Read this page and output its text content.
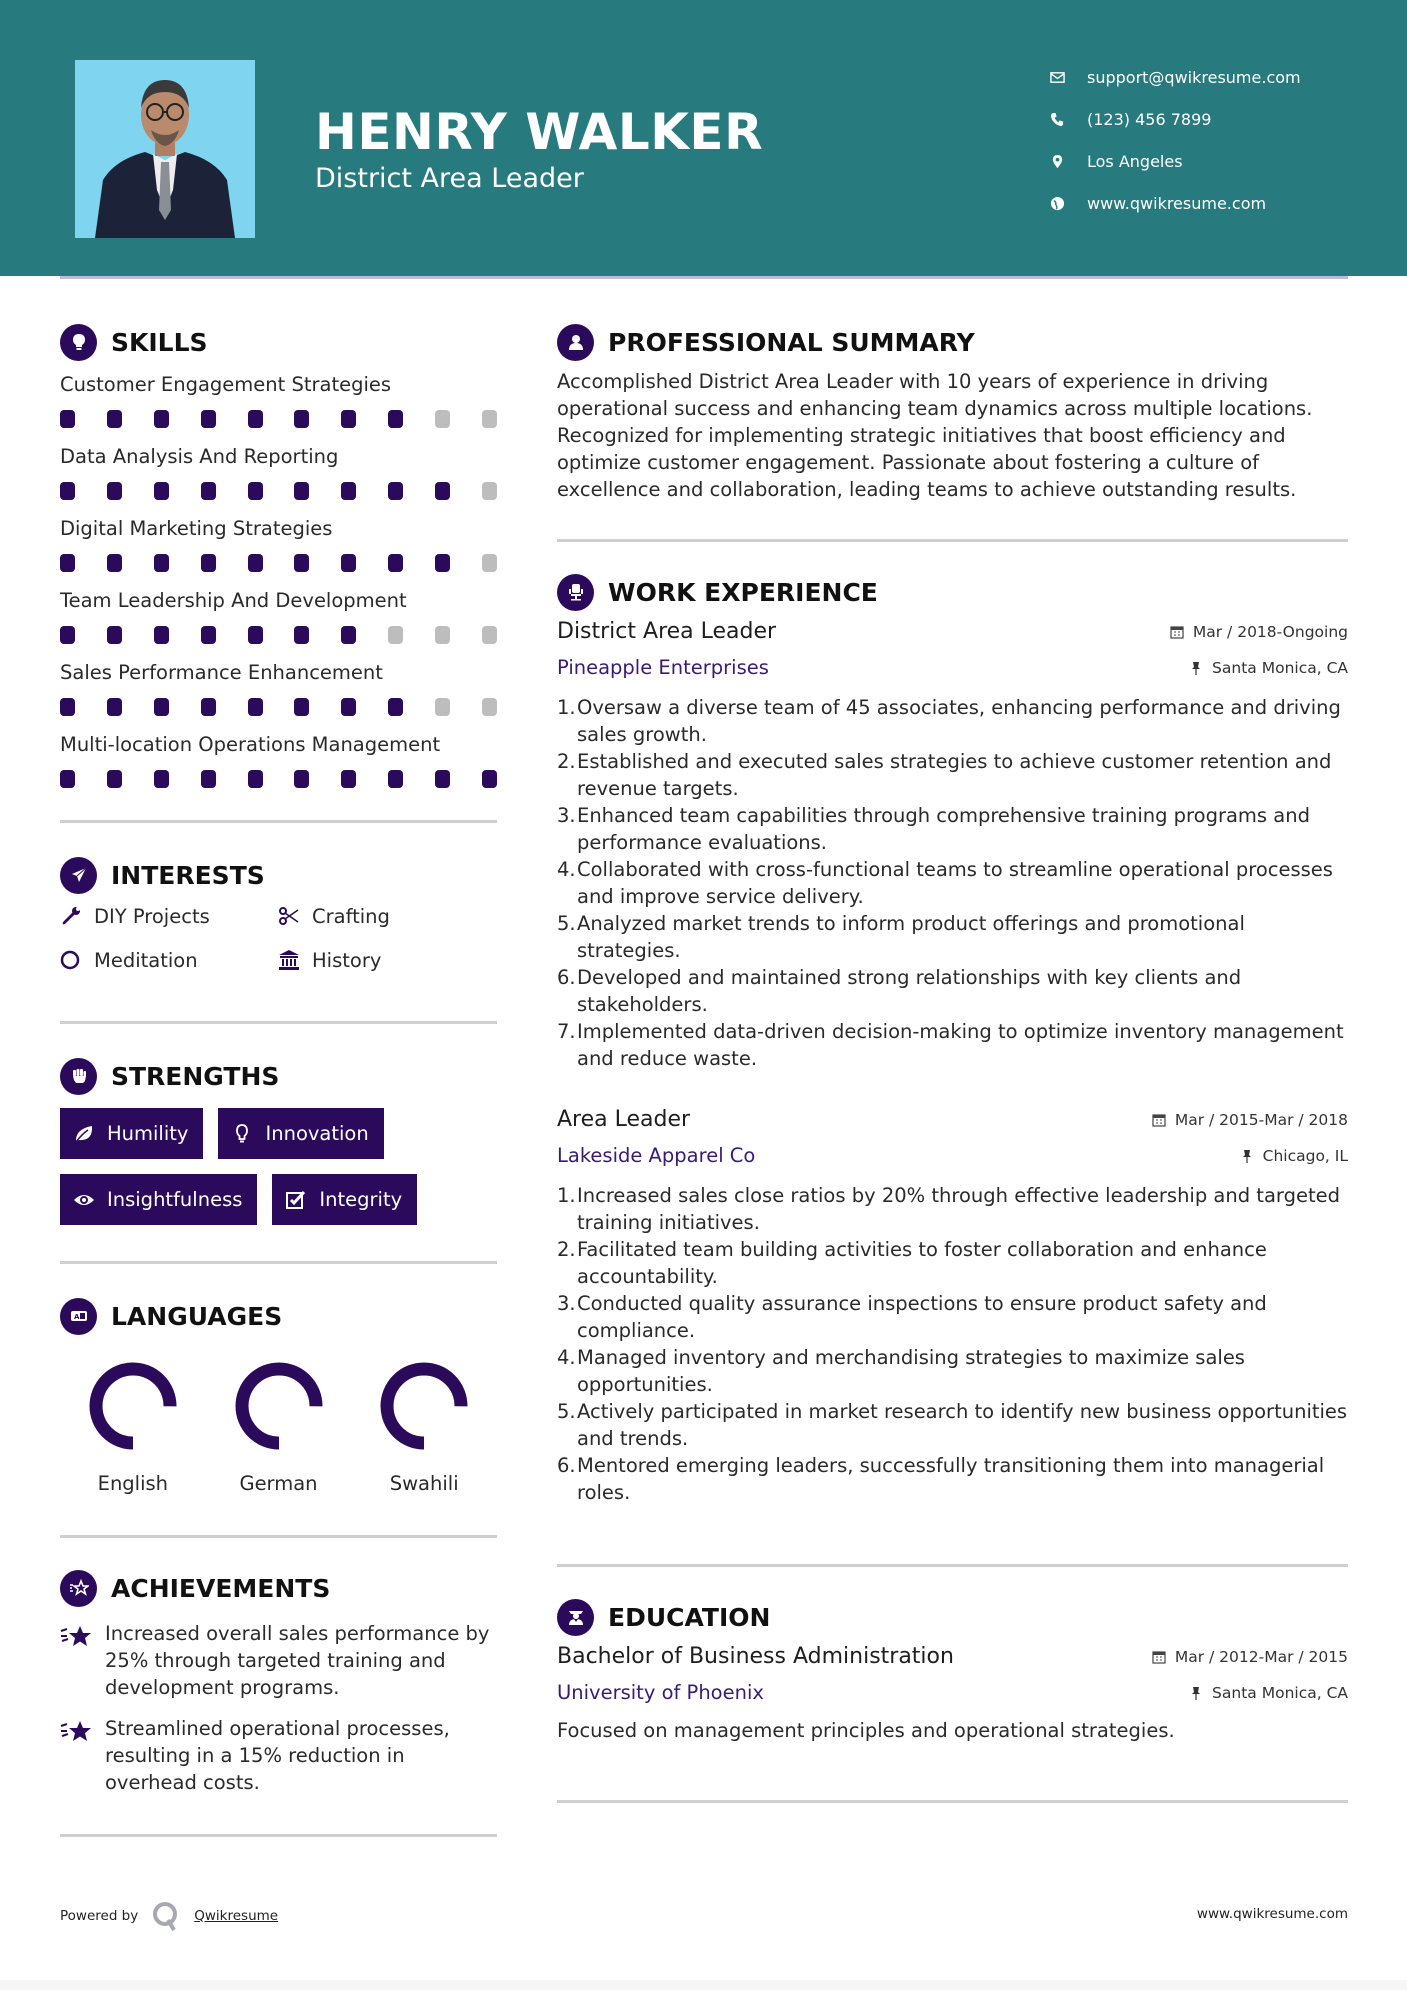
HENRY WALKER
District Area Leader
support@qwikresume.com
(123) 456 7899
Los Angeles
www.qwikresume.com
SKILLS
Customer Engagement Strategies
Data Analysis And Reporting
Digital Marketing Strategies
Team Leadership And Development
Sales Performance Enhancement
Multi-location Operations Management
INTERESTS
DIY Projects	Crafting
Meditation	History
STRENGTHS
Humility	Innovation
Insightfulness	Integrity
A LANGUAGES
English	German	Swahili
ACHIEVEMENTS
Increased overall sales performance by 25% through targeted training and development programs.
Streamlined operational processes, resulting in a 15% reduction in overhead costs.
PROFESSIONAL SUMMARY

Accomplished District Area Leader with 10 years of experience in driving operational success and enhancing team dynamics across multiple locations. Recognized for implementing strategic initiatives that boost efficiency and optimize customer engagement. Passionate about fostering a culture of excellence and collaboration, leading teams to achieve outstanding results.

WORK EXPERIENCE
District Area Leader	Mar / 2018-Ongoing
Pineapple Enterprises	Santa Monica, CA
1. Oversaw a diverse team of 45 associates, enhancing performance and driving sales growth.
2. Established and executed sales strategies to achieve customer retention and revenue targets.
3. Enhanced team capabilities through comprehensive training programs and performance evaluations.
4. Collaborated with cross-functional teams to streamline operational processes and improve service delivery.
5. Analyzed market trends to inform product offerings and promotional strategies.
6. Developed and maintained strong relationships with key clients and stakeholders.
7. Implemented data-driven decision-making to optimize inventory management and reduce waste.
Area Leader	Mar / 2015-Mar / 2018
Lakeside Apparel Co	Chicago, IL
1. Increased sales close ratios by 20% through effective leadership and targeted training initiatives.
2. Facilitated team building activities to foster collaboration and enhance accountability.
3. Conducted quality assurance inspections to ensure product safety and compliance.
4. Managed inventory and merchandising strategies to maximize sales opportunities.
5. Actively participated in market research to identify new business opportunities and trends.
6. Mentored emerging leaders, successfully transitioning them into managerial roles.
EDUCATION
Bachelor of Business Administration	Mar / 2012-Mar / 2015
University of Phoenix	Santa Monica, CA

Focused on management principles and operational strategies.

Powered by	Qwikresume	www.qwikresume.com
